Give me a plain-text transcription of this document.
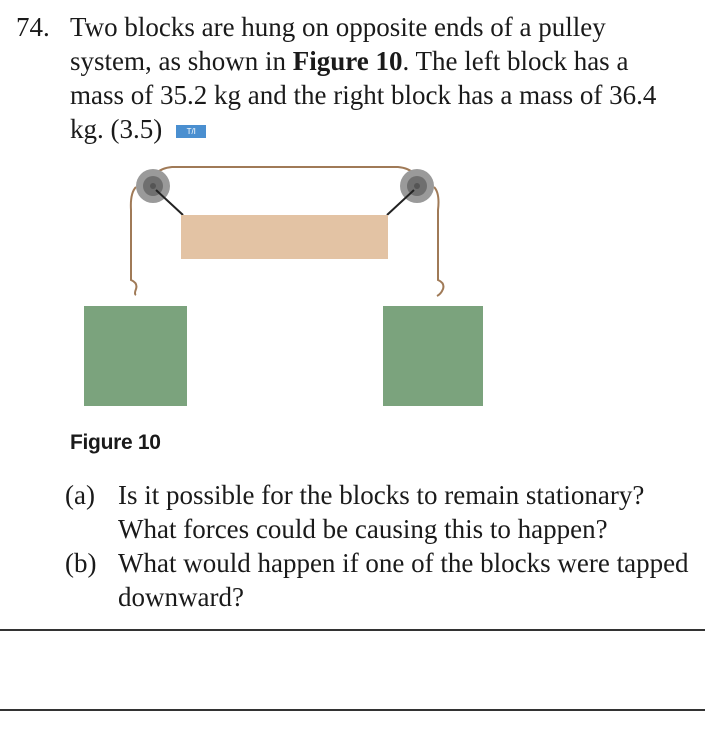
74. Two blocks are hung on opposite ends of a pulley system, as shown in Figure 10. The left block has a mass of 35.2 kg and the right block has a mass of 36.4 kg. (3.5)	T/I
Figure 10
(a) Is it possible for the blocks to remain stationary? What forces could be causing this to happen?
(b) What would happen if one of the blocks were tapped downward?
